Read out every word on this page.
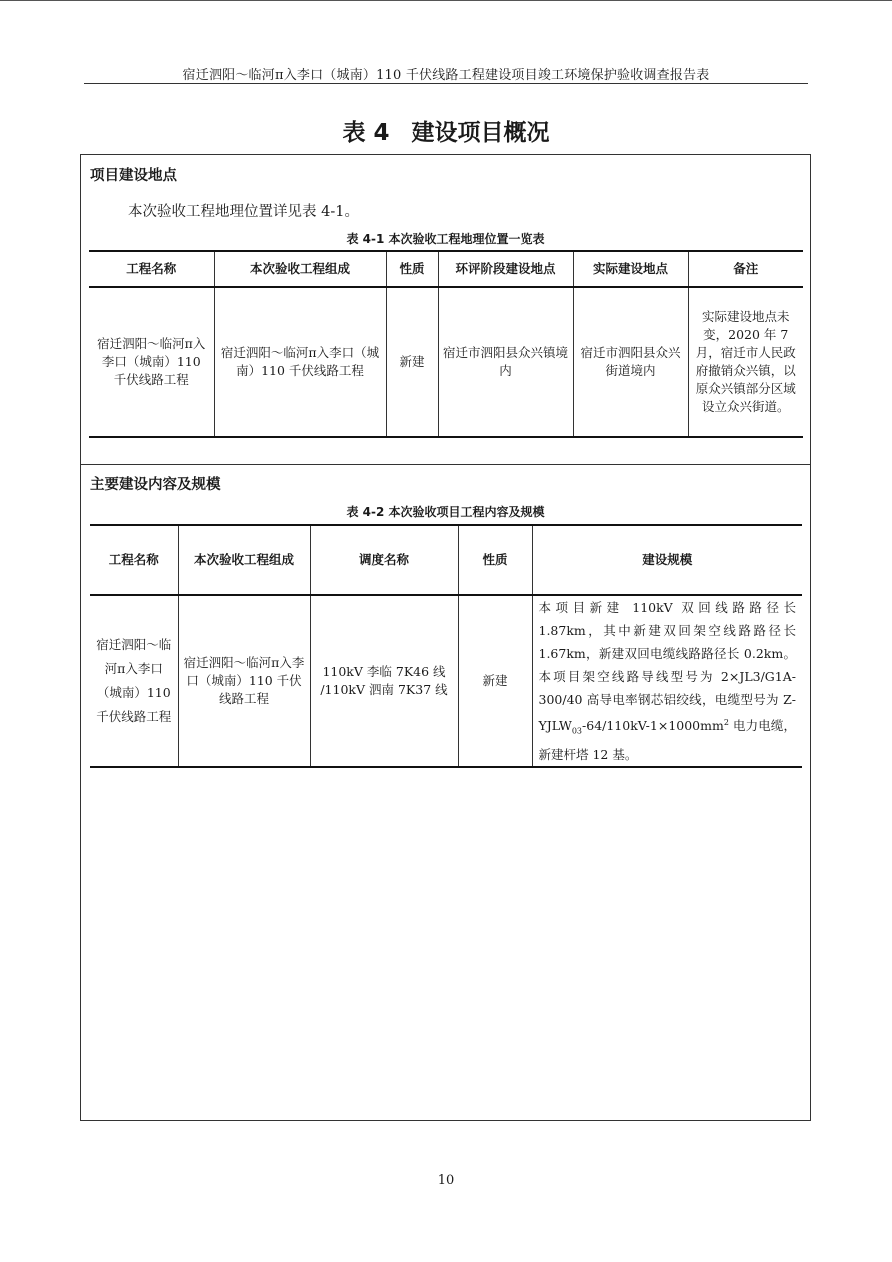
宿迁泗阳～临河π入李口（城南）110 千伏线路工程建设项目竣工环境保护验收调查报告表
表 4 建设项目概况
项目建设地点
本次验收工程地理位置详见表 4-1。
表 4-1 本次验收工程地理位置一览表
工程名称	本次验收工程组成	性质	环评阶段建设地点	实际建设地点	备注
宿迁泗阳～临河π入李口（城南）110 千伏线路工程	宿迁泗阳～临河π入李口（城南）110 千伏线路工程	新建	宿迁市泗阳县众兴镇境内	宿迁市泗阳县众兴街道境内	实际建设地点未变，2020 年 7 月，宿迁市人民政府撤销众兴镇，以原众兴镇部分区域设立众兴街道。
主要建设内容及规模
表 4-2 本次验收项目工程内容及规模
工程名称	本次验收工程组成	调度名称	性质	建设规模
宿迁泗阳～临河π入李口（城南）110 千伏线路工程	宿迁泗阳～临河π入李口（城南）110 千伏线路工程	110kV 李临 7K46 线
/110kV 泗南 7K37 线	新建	本项目新建 110kV 双回线路路径长 1.87km，其中新建双回架空线路路径长 1.67km，新建双回电缆线路路径长 0.2km。本项目架空线路导线型号为 2×JL3/G1A-300/40 高导电率钢芯铝绞线，电缆型号为 $Z-YJLW_{03}-64/110kV-1\times 1000mm^2$ 电力电缆，新建杆塔 12 基。
10
